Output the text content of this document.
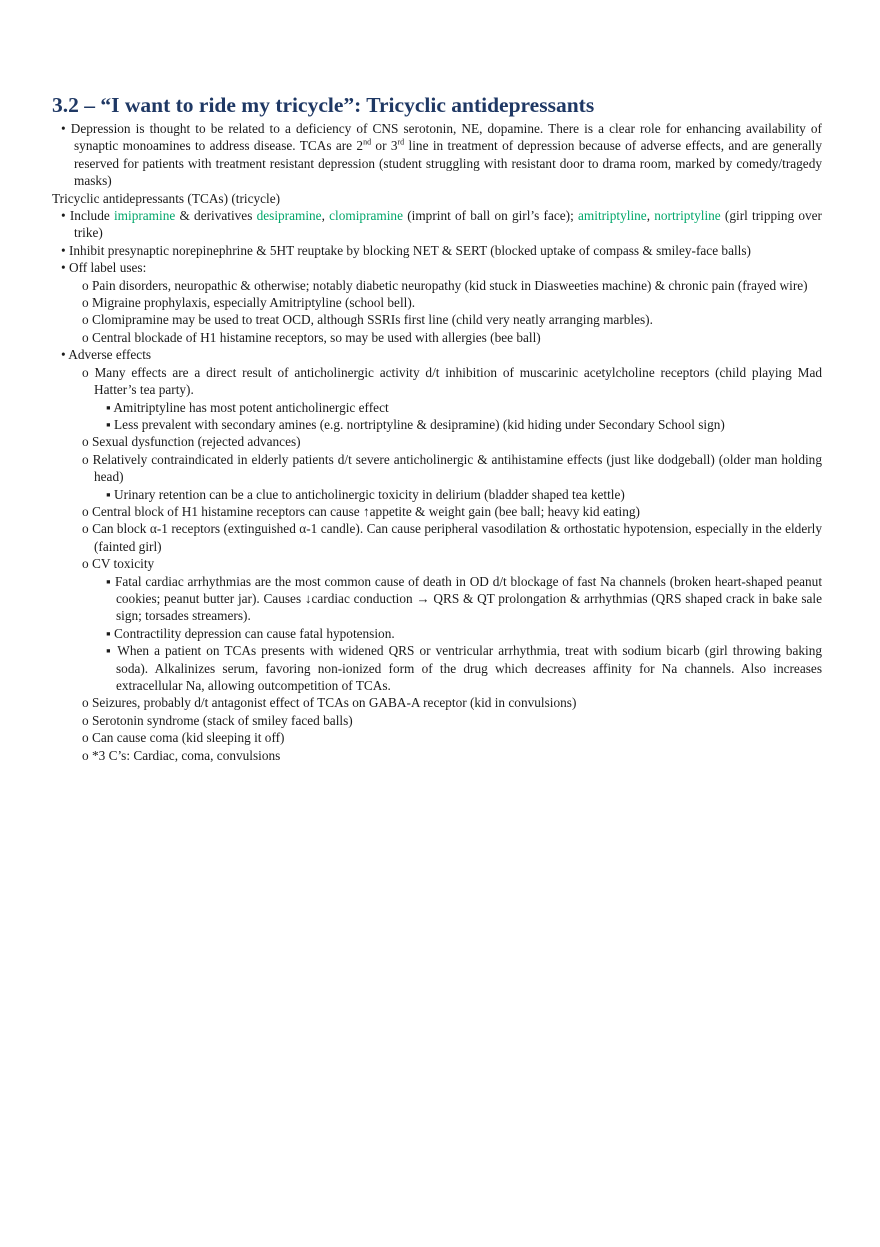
3.2 – “I want to ride my tricycle”: Tricyclic antidepressants

• Depression is thought to be related to a deficiency of CNS serotonin, NE, dopamine. There is a clear role for enhancing availability of synaptic monoamines to address disease. TCAs are 2nd or 3rd line in treatment of depression because of adverse effects, and are generally reserved for patients with treatment resistant depression (student struggling with resistant door to drama room, marked by comedy/tragedy masks)

Tricyclic antidepressants (TCAs) (tricycle)

• Include imipramine & derivatives desipramine, clomipramine (imprint of ball on girl’s face); amitriptyline, nortriptyline (girl tripping over trike)

• Inhibit presynaptic norepinephrine & 5HT reuptake by blocking NET & SERT (blocked uptake of compass & smiley-face balls)

• Off label uses:

o Pain disorders, neuropathic & otherwise; notably diabetic neuropathy (kid stuck in Diasweeties machine) & chronic pain (frayed wire)

o Migraine prophylaxis, especially Amitriptyline (school bell).

o Clomipramine may be used to treat OCD, although SSRIs first line (child very neatly arranging marbles).

o Central blockade of H1 histamine receptors, so may be used with allergies (bee ball)

• Adverse effects

o Many effects are a direct result of anticholinergic activity d/t inhibition of muscarinic acetylcholine receptors (child playing Mad Hatter’s tea party).

▪ Amitriptyline has most potent anticholinergic effect

▪ Less prevalent with secondary amines (e.g. nortriptyline & desipramine) (kid hiding under Secondary School sign)

o Sexual dysfunction (rejected advances)

o Relatively contraindicated in elderly patients d/t severe anticholinergic & antihistamine effects (just like dodgeball) (older man holding head)

▪ Urinary retention can be a clue to anticholinergic toxicity in delirium (bladder shaped tea kettle)

o Central block of H1 histamine receptors can cause ↑appetite & weight gain (bee ball; heavy kid eating)

o Can block α-1 receptors (extinguished α-1 candle). Can cause peripheral vasodilation & orthostatic hypotension, especially in the elderly (fainted girl)

o CV toxicity

▪ Fatal cardiac arrhythmias are the most common cause of death in OD d/t blockage of fast Na channels (broken heart-shaped peanut cookies; peanut butter jar). Causes ↓cardiac conduction → QRS & QT prolongation & arrhythmias (QRS shaped crack in bake sale sign; torsades streamers).

▪ Contractility depression can cause fatal hypotension.

▪ When a patient on TCAs presents with widened QRS or ventricular arrhythmia, treat with sodium bicarb (girl throwing baking soda). Alkalinizes serum, favoring non-ionized form of the drug which decreases affinity for Na channels. Also increases extracellular Na, allowing outcompetition of TCAs.

o Seizures, probably d/t antagonist effect of TCAs on GABA-A receptor (kid in convulsions)

o Serotonin syndrome (stack of smiley faced balls)

o Can cause coma (kid sleeping it off)

o *3 C’s: Cardiac, coma, convulsions
